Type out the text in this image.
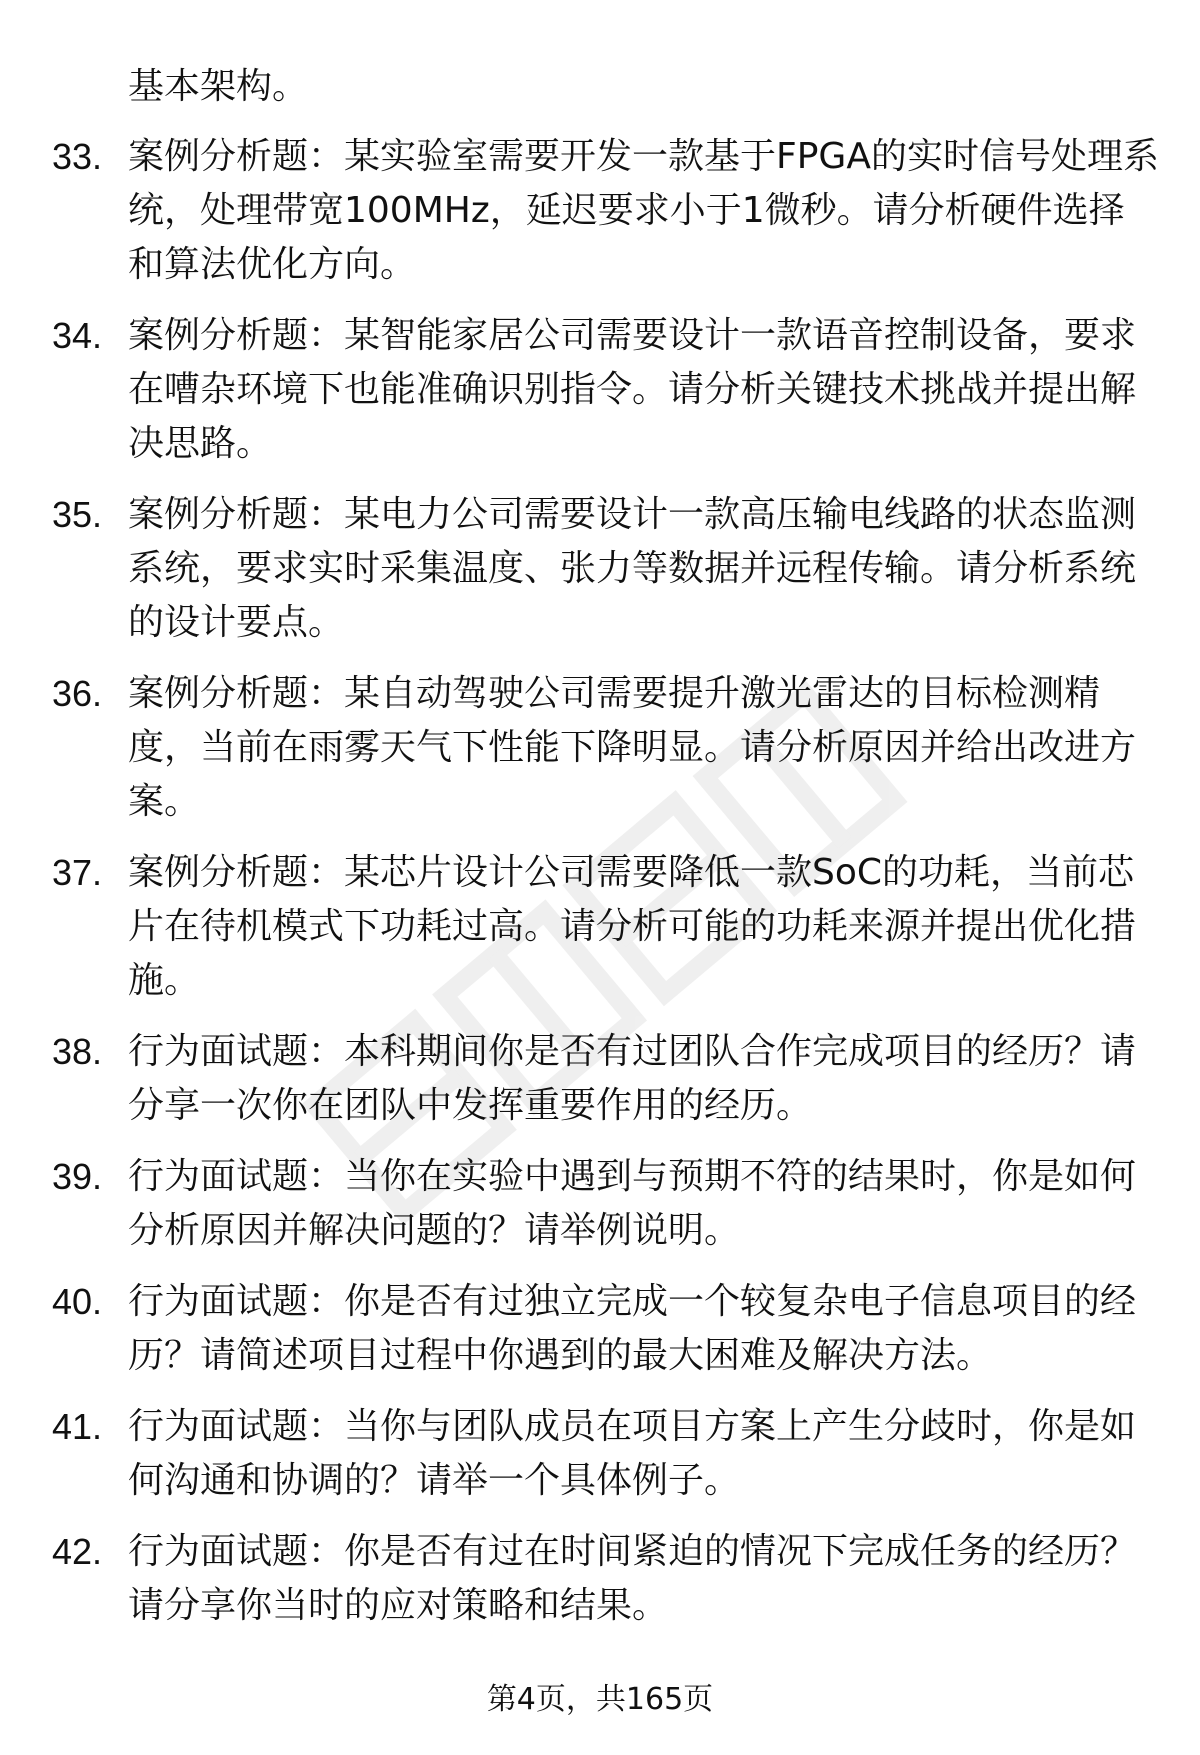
基本架构。

33. 案例分析题：某实验室需要开发一款基于FPGA的实时信号处理系统，处理带宽100MHz，延迟要求小于1微秒。请分析硬件选择和算法优化方向。
34. 案例分析题：某智能家居公司需要设计一款语音控制设备，要求在嘈杂环境下也能准确识别指令。请分析关键技术挑战并提出解决思路。
35. 案例分析题：某电力公司需要设计一款高压输电线路的状态监测系统，要求实时采集温度、张力等数据并远程传输。请分析系统的设计要点。
36. 案例分析题：某自动驾驶公司需要提升激光雷达的目标检测精度，当前在雨雾天气下性能下降明显。请分析原因并给出改进方案。
37. 案例分析题：某芯片设计公司需要降低一款SoC的功耗，当前芯片在待机模式下功耗过高。请分析可能的功耗来源并提出优化措施。
38. 行为面试题：本科期间你是否有过团队合作完成项目的经历？请分享一次你在团队中发挥重要作用的经历。
39. 行为面试题：当你在实验中遇到与预期不符的结果时，你是如何分析原因并解决问题的？请举例说明。
40. 行为面试题：你是否有过独立完成一个较复杂电子信息项目的经历？请简述项目过程中你遇到的最大困难及解决方法。
41. 行为面试题：当你与团队成员在项目方案上产生分歧时，你是如何沟通和协调的？请举一个具体例子。
42. 行为面试题：你是否有过在时间紧迫的情况下完成任务的经历？请分享你当时的应对策略和结果。
第4页，共165页
